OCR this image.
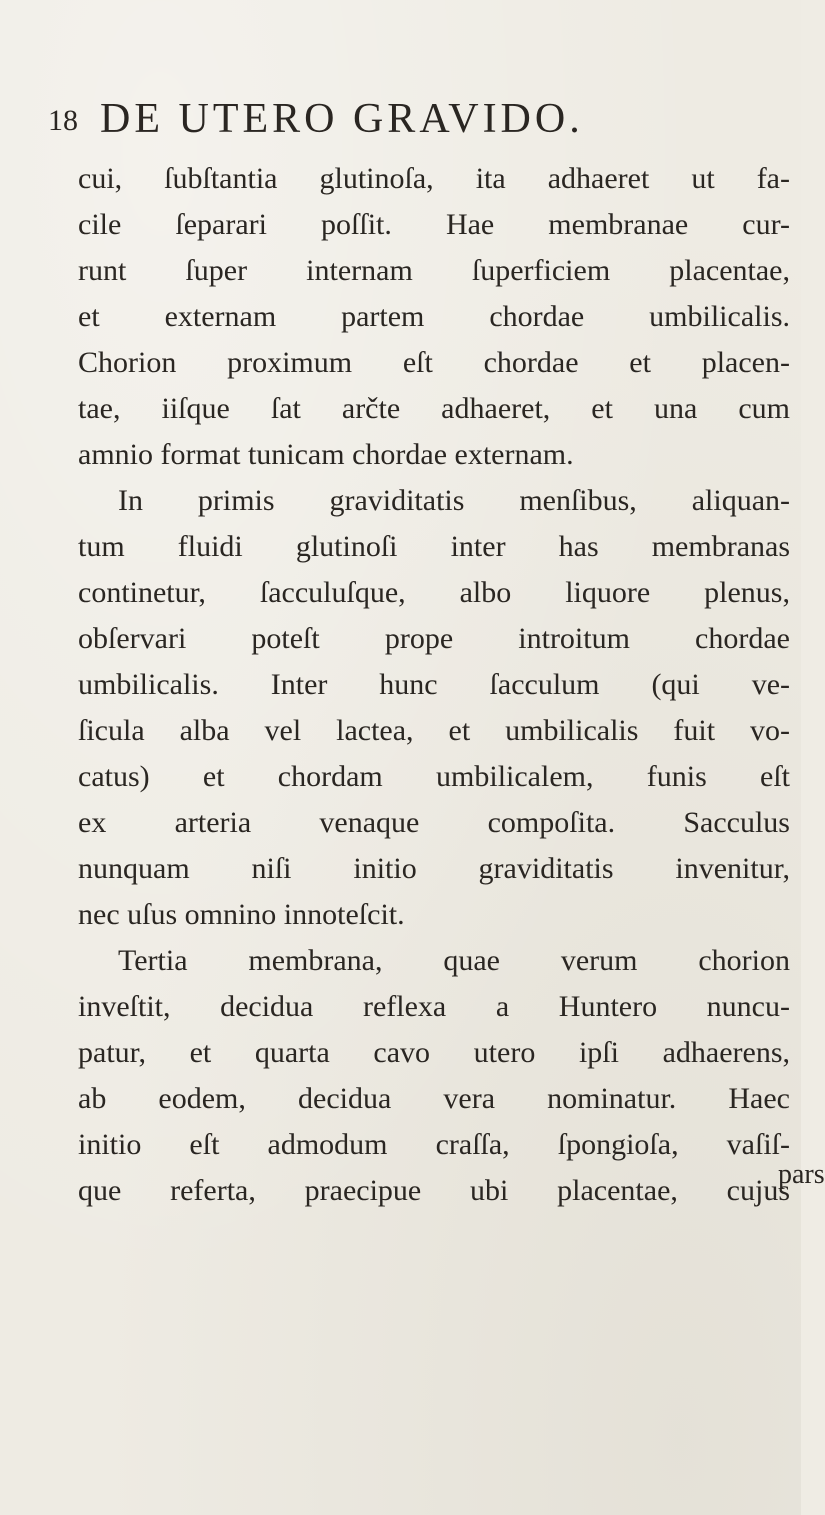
18 DE UTERO GRAVIDO.
cui, ſubſtantia glutinoſa, ita adhaeret ut fa-
cile ſeparari poſſit. Hae membranae cur-
runt ſuper internam ſuperficiem placentae,
et externam partem chordae umbilicalis.
Chorion proximum eſt chordae et placen-
tae, iiſque ſat arčte adhaeret, et una cum
amnio format tunicam chordae externam.
In primis graviditatis menſibus, aliquan-
tum fluidi glutinoſi inter has membranas
continetur, ſacculuſque, albo liquore plenus,
obſervari poteſt prope introitum chordae
umbilicalis. Inter hunc ſacculum (qui ve-
ſicula alba vel lactea, et umbilicalis fuit vo-
catus) et chordam umbilicalem, funis eſt
ex arteria venaque compoſita. Sacculus
nunquam niſi initio graviditatis invenitur,
nec uſus omnino innoteſcit.
Tertia membrana, quae verum chorion
inveſtit, decidua reflexa a Huntero nuncu-
patur, et quarta cavo utero ipſi adhaerens,
ab eodem, decidua vera nominatur. Haec
initio eſt admodum craſſa, ſpongioſa, vaſiſ-
que referta, praecipue ubi placentae, cujus
pars
